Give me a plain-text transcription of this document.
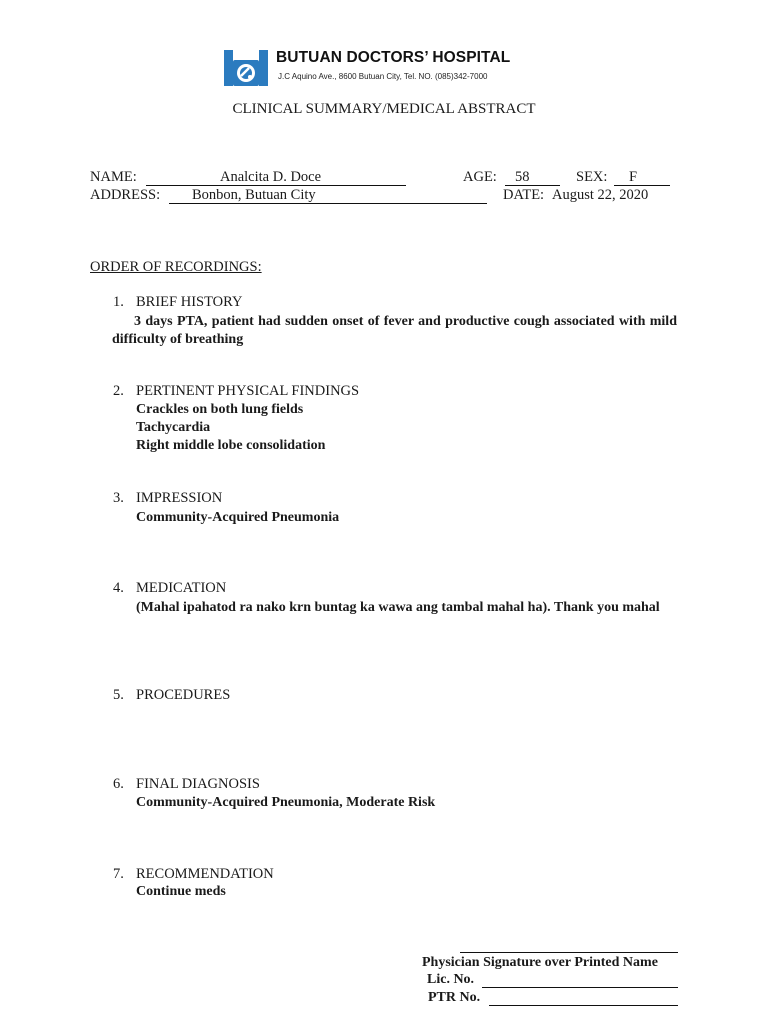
BUTUAN DOCTORS’ HOSPITAL
J.C Aquino Ave., 8600 Butuan City, Tel. NO. (085)342-7000
CLINICAL SUMMARY/MEDICAL ABSTRACT
NAME:	Analcita D. Doce	AGE: 58	SEX: F
ADDRESS: Bonbon, Butuan City	DATE: August 22, 2020
ORDER OF RECORDINGS:
1. BRIEF HISTORY
3 days PTA, patient had sudden onset of fever and productive cough associated with mild difficulty of breathing
2. PERTINENT PHYSICAL FINDINGS
Crackles on both lung fields
Tachycardia
Right middle lobe consolidation
3. IMPRESSION
Community-Acquired Pneumonia
4. MEDICATION
(Mahal ipahatod ra nako krn buntag ka wawa ang tambal mahal ha). Thank you mahal
5. PROCEDURES
6. FINAL DIAGNOSIS
Community-Acquired Pneumonia, Moderate Risk
7. RECOMMENDATION
Continue meds
Physician Signature over Printed Name
Lic. No.
PTR No.
